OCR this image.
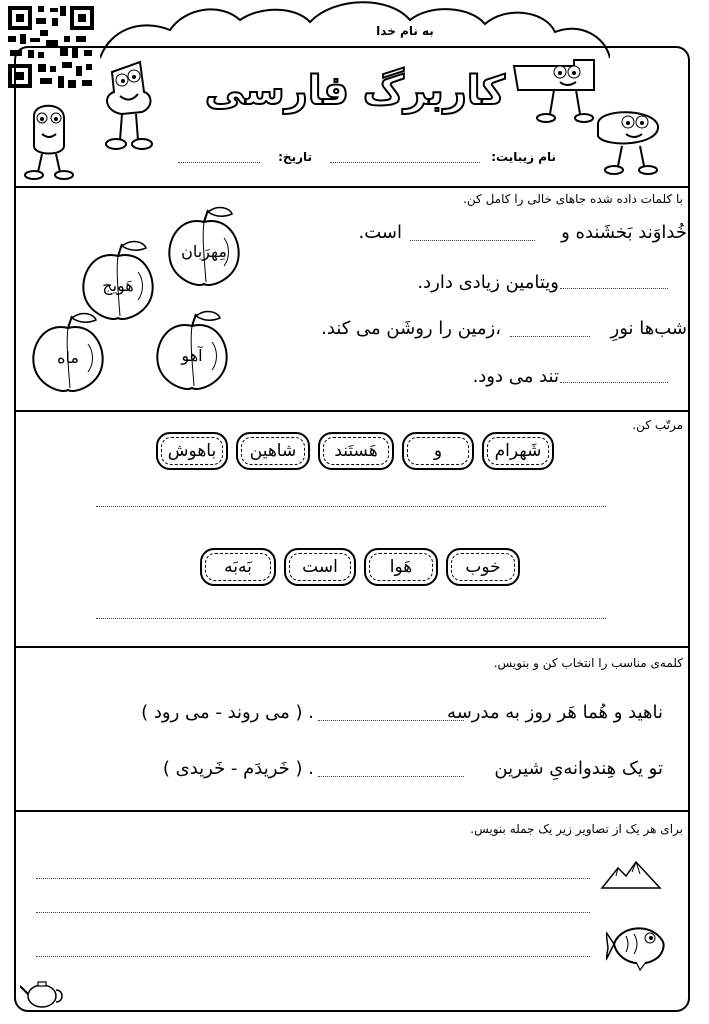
به نام خدا
کاربرگ فارسی
نام زیبایت:
تاریخ:
با کلمات داده شده جاهای خالی را کامل کن.
خُداوَند بَخشَنده و
است.
ویتامین زیادی دارد.
شب‌ها نورِ
،زمین را روشَن می کند.
تند می دود.
مِهرَبان
هَویج
ماه	آهو
مرتّب کن.
شَهرام
و
هَستَند
شاهین
باهوش
خوب
هَوا
است
بَه‌بَه
کلمه‌ی مناسب را انتخاب کن و بنویس.
ناهید و هُما هَر روز به مدرسه
. ( می روند - می رود )
تو یک هِندوانه‌یِ شیرین
. ( خَریدَم - خَریدی )
برای هر یک از تصاویر زیر یک جمله بنویس.
